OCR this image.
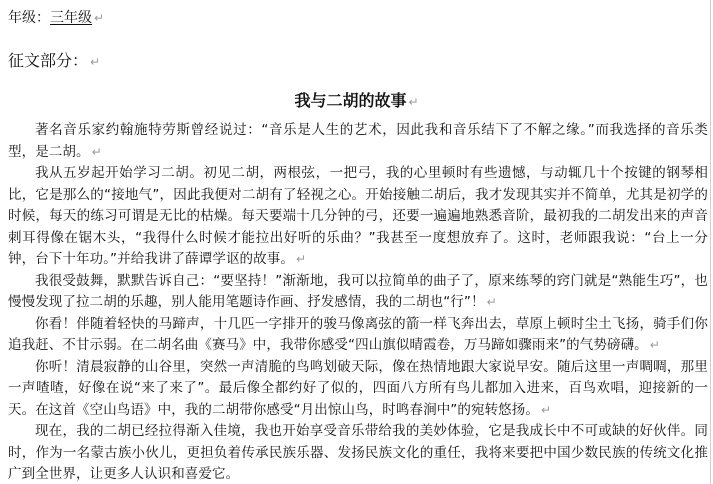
年级：三年级 ↵
征文部分： ↵
我与二胡的故事 ↵

著名音乐家约翰施特劳斯曾经说过：“音乐是人生的艺术，因此我和音乐结下了不解之缘。”而我选择的音乐类型，是二胡。 ↵

我从五岁起开始学习二胡。初见二胡，两根弦，一把弓，我的心里顿时有些遗憾，与动辄几十个按键的钢琴相比，它是那么的“接地气”，因此我便对二胡有了轻视之心。开始接触二胡后，我才发现其实并不简单，尤其是初学的时候，每天的练习可谓是无比的枯燥。每天要端十几分钟的弓，还要一遍遍地熟悉音阶，最初我的二胡发出来的声音刺耳得像在锯木头，“我得什么时候才能拉出好听的乐曲？”我甚至一度想放弃了。这时，老师跟我说：“台上一分钟，台下十年功。”并给我讲了薛谭学讴的故事。 ↵

我很受鼓舞，默默告诉自己：“要坚持！”渐渐地，我可以拉简单的曲子了，原来练琴的窍门就是“熟能生巧”，也慢慢发现了拉二胡的乐趣，别人能用笔题诗作画、抒发感情，我的二胡也“行”！ ↵

你看！伴随着轻快的马蹄声，十几匹一字排开的骏马像离弦的箭一样飞奔出去，草原上顿时尘土飞扬，骑手们你追我赶、不甘示弱。在二胡名曲《赛马》中，我带你感受“四山旗似晴霞卷，万马蹄如骤雨来”的气势磅礴。 ↵

你听！清晨寂静的山谷里，突然一声清脆的鸟鸣划破天际，像在热情地跟大家说早安。随后这里一声啁啁，那里一声喳喳，好像在说“来了来了”。最后像全都约好了似的，四面八方所有鸟儿都加入进来，百鸟欢唱，迎接新的一天。在这首《空山鸟语》中，我的二胡带你感受“月出惊山鸟，时鸣春涧中”的宛转悠扬。 ↵

现在，我的二胡已经拉得渐入佳境，我也开始享受音乐带给我的美妙体验，它是我成长中不可或缺的好伙伴。同时，作为一名蒙古族小伙儿，更担负着传承民族乐器、发扬民族文化的重任，我将来要把中国少数民族的传统文化推广到全世界，让更多人认识和喜爱它。
